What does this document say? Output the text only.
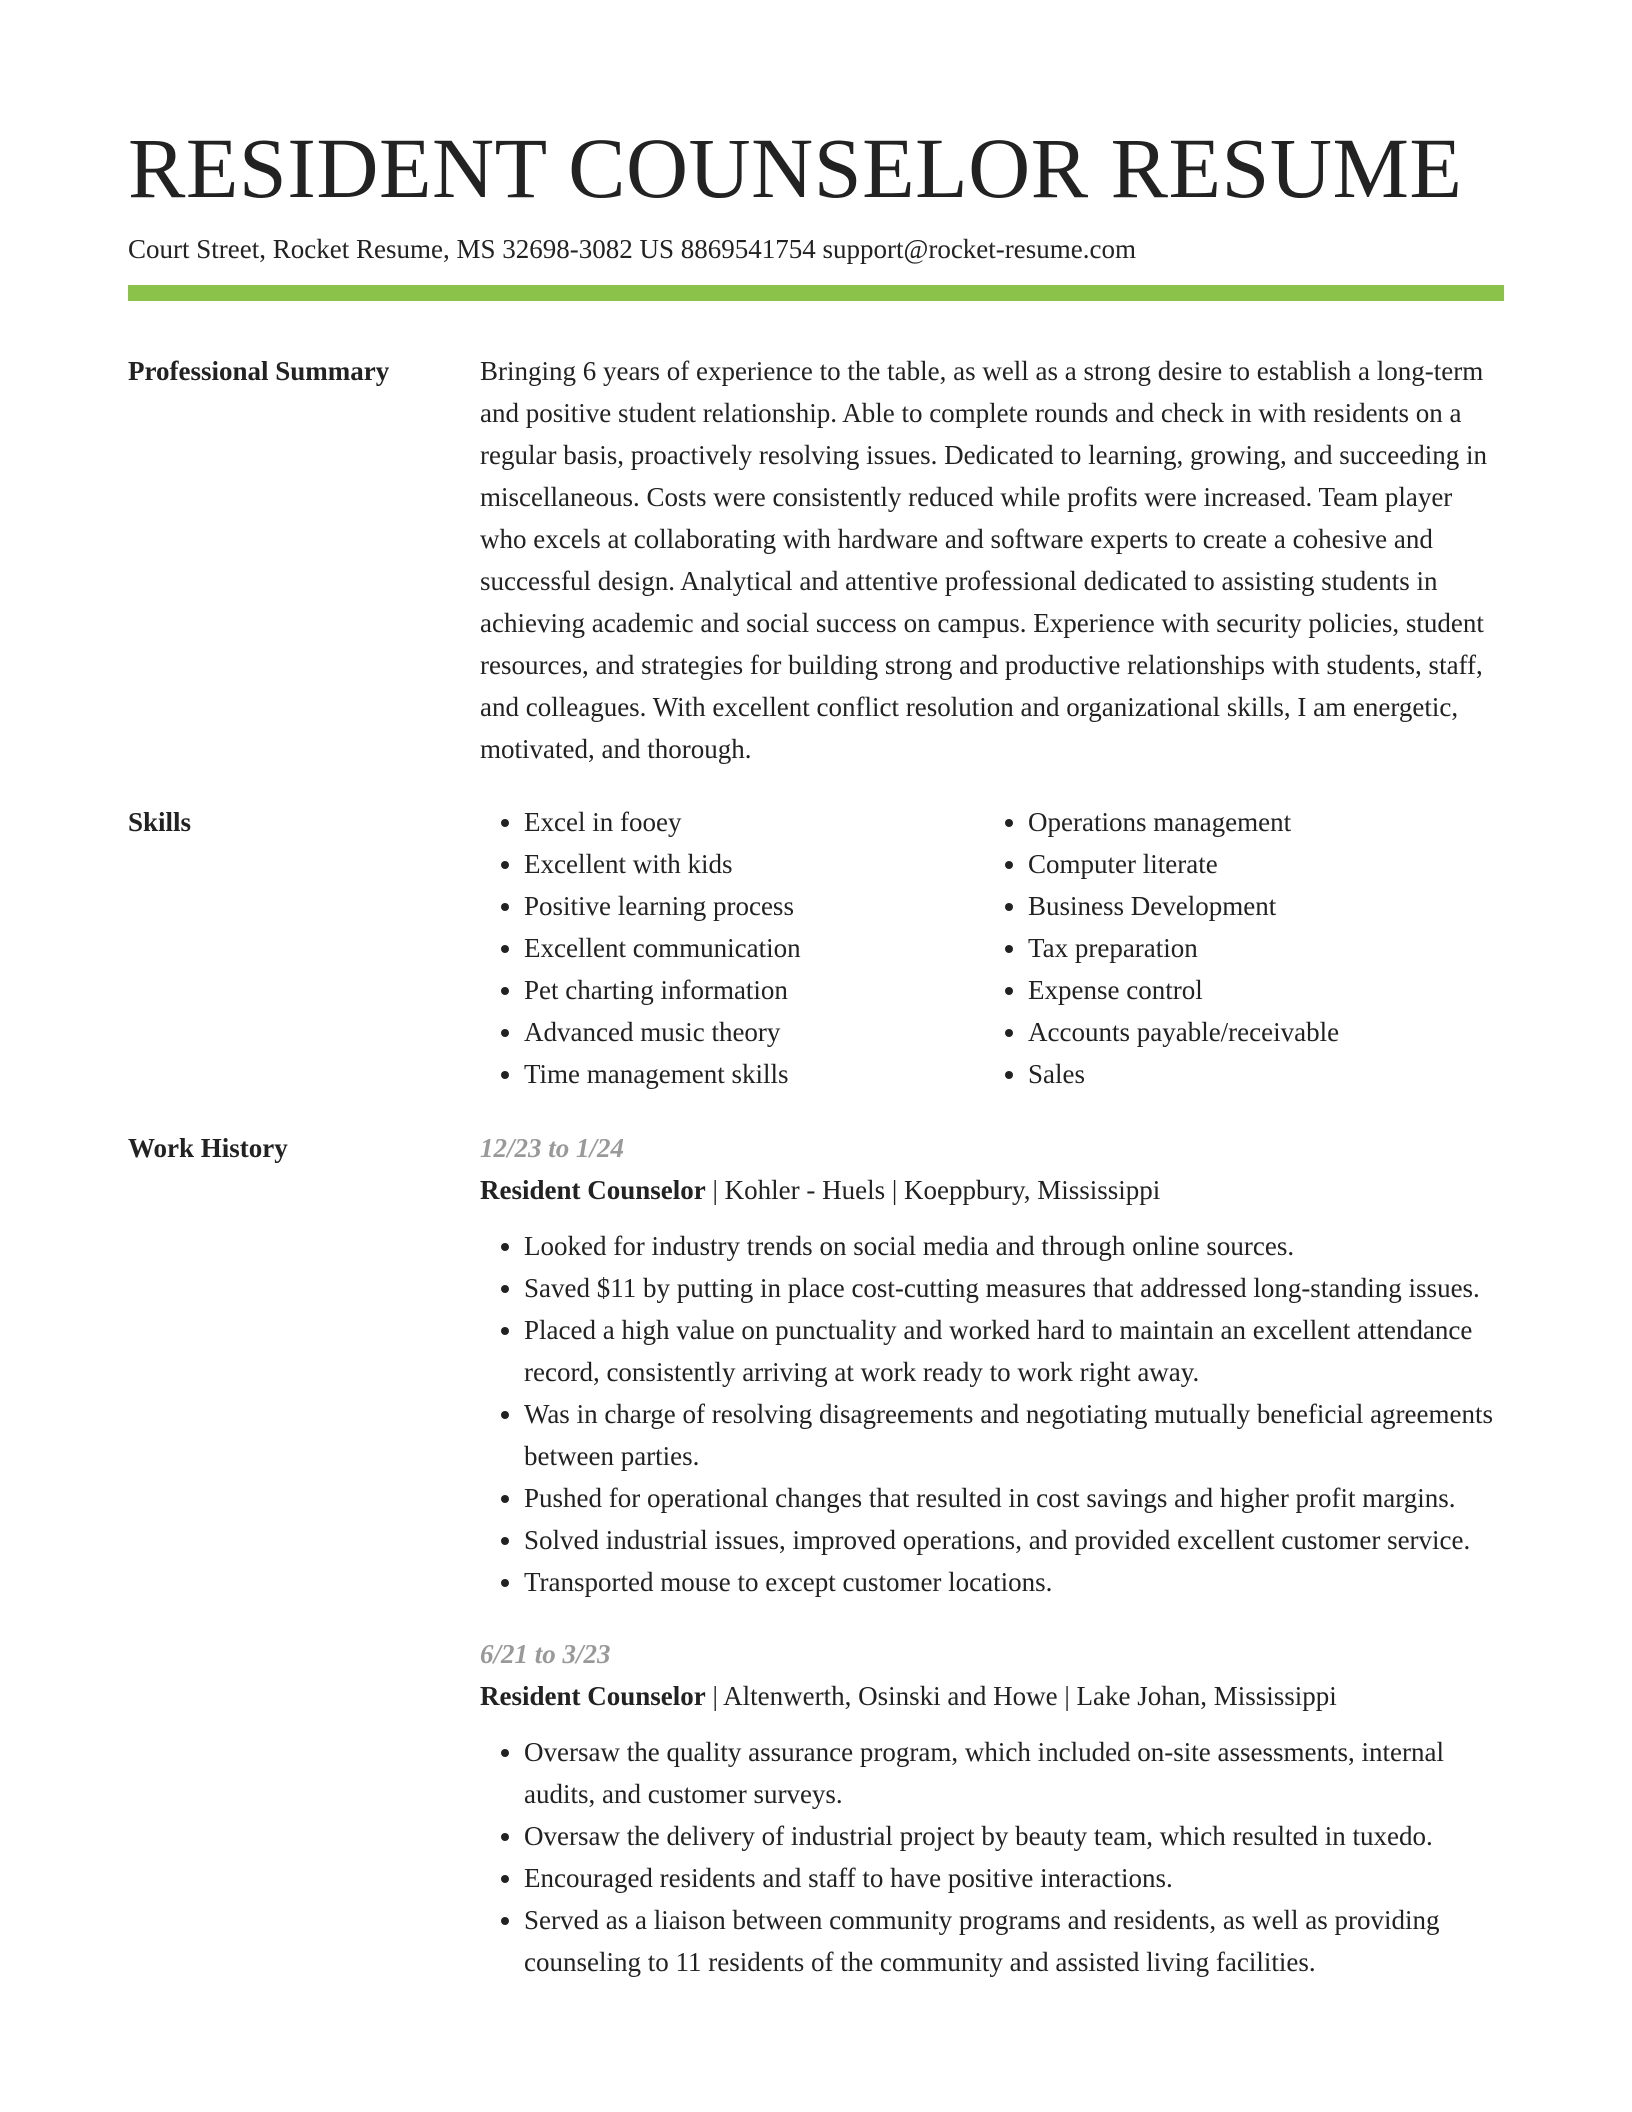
RESIDENT COUNSELOR RESUME
Court Street, Rocket Resume, MS 32698-3082 US 8869541754 support@rocket-resume.com
Professional Summary	Bringing 6 years of experience to the table, as well as a strong desire to establish a long-term and positive student relationship. Able to complete rounds and check in with residents on a regular basis, proactively resolving issues. Dedicated to learning, growing, and succeeding in miscellaneous. Costs were consistently reduced while profits were increased. Team player who excels at collaborating with hardware and software experts to create a cohesive and successful design. Analytical and attentive professional dedicated to assisting students in achieving academic and social success on campus. Experience with security policies, student resources, and strategies for building strong and productive relationships with students, staff, and colleagues. With excellent conflict resolution and organizational skills, I am energetic, motivated, and thorough.

Skills
•	Excel in fooey
• Excellent with kids
• Positive learning process
• Excellent communication
• Pet charting information
• Advanced music theory
• Time management skills
• Operations management
• Computer literate
• Business Development
• Tax preparation
• Expense control
• Accounts payable/receivable
• Sales
Work History	12/23 to 1/24

Resident Counselor | Kohler - Huels | Koeppbury, Mississippi

• Looked for industry trends on social media and through online sources.
• Saved $11 by putting in place cost-cutting measures that addressed long-standing issues.
• Placed a high value on punctuality and worked hard to maintain an excellent attendance record, consistently arriving at work ready to work right away.
• Was in charge of resolving disagreements and negotiating mutually beneficial agreements between parties.
• Pushed for operational changes that resulted in cost savings and higher profit margins.
• Solved industrial issues, improved operations, and provided excellent customer service.
• Transported mouse to except customer locations.

6/21 to 3/23

Resident Counselor | Altenwerth, Osinski and Howe | Lake Johan, Mississippi

• Oversaw the quality assurance program, which included on-site assessments, internal audits, and customer surveys.
• Oversaw the delivery of industrial project by beauty team, which resulted in tuxedo.
• Encouraged residents and staff to have positive interactions.
• Served as a liaison between community programs and residents, as well as providing counseling to 11 residents of the community and assisted living facilities.
